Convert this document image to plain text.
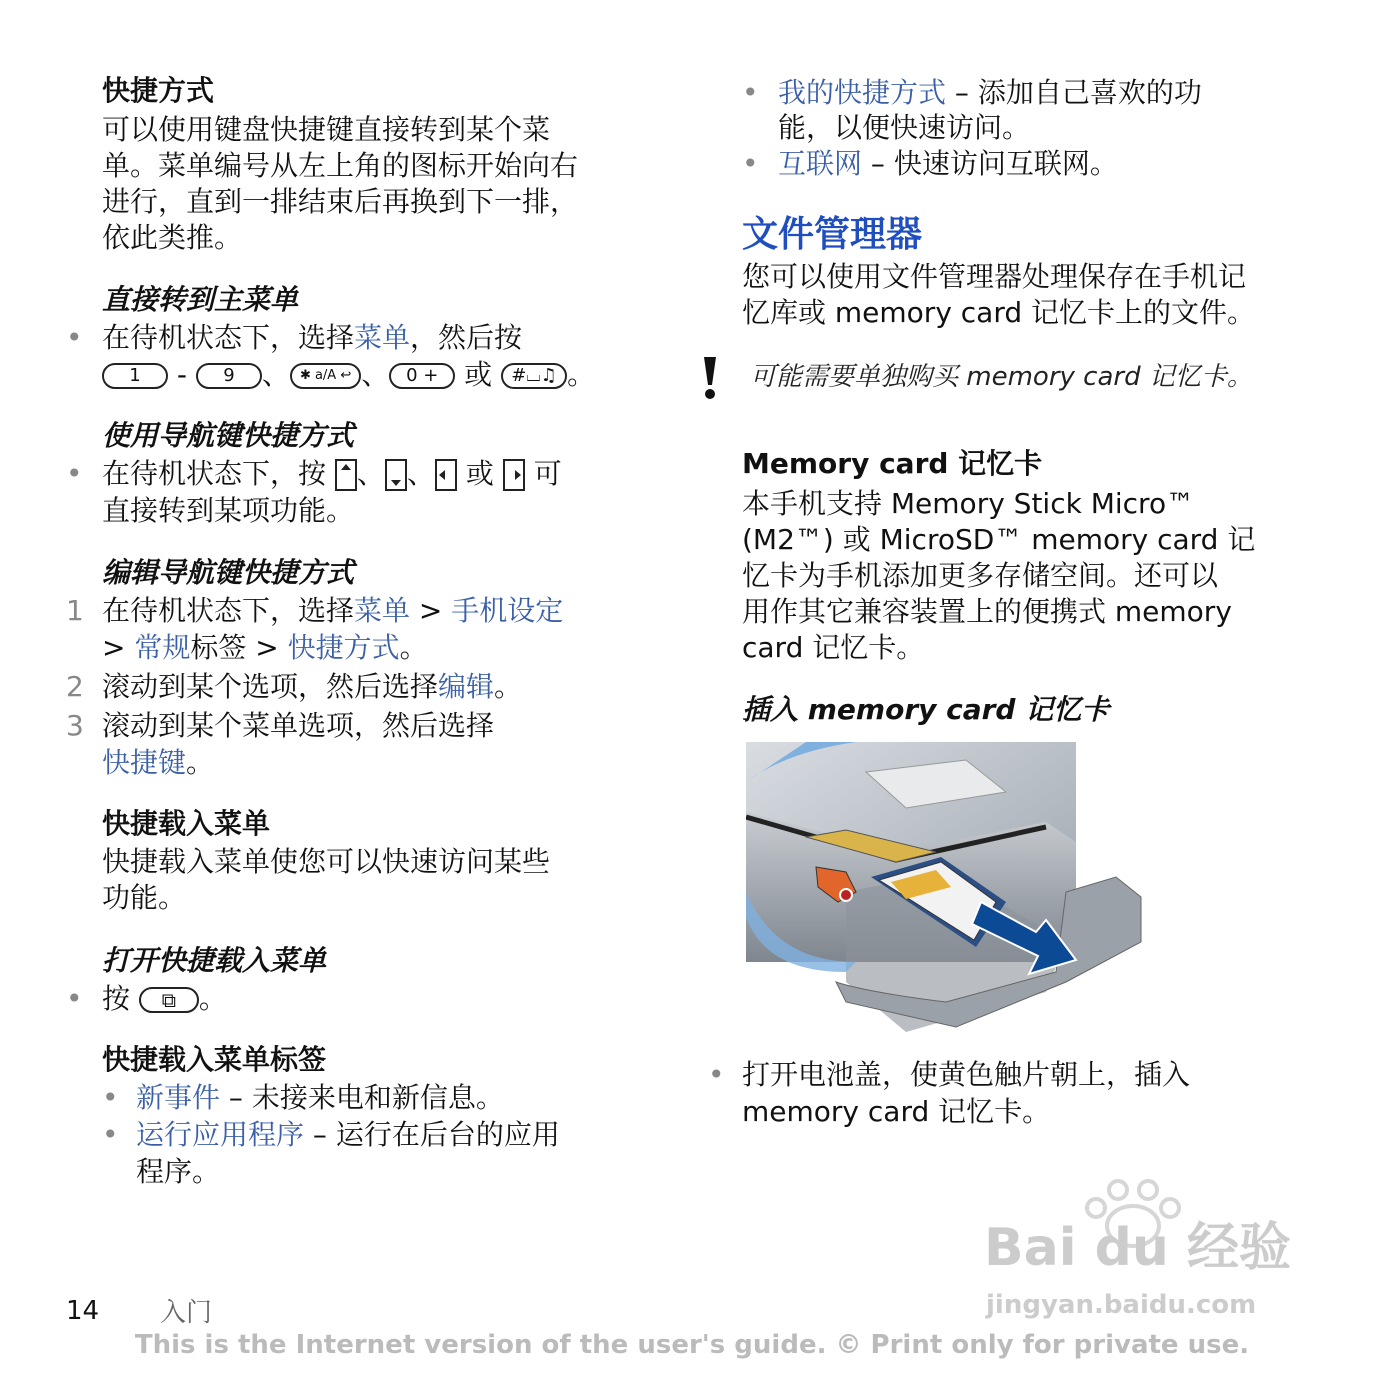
快捷方式
可以使用键盘快捷键直接转到某个菜
单。菜单编号从左上角的图标开始向右
进行，直到一排结束后再换到下一排，
依此类推。
直接转到主菜单
• 在待机状态下，选择菜单，然后按
1 - 9 、 ✱ a/A ↩ 、 0 + 或 #⌴♫ 。
使用导航键快捷方式
• 在待机状态下，按 、 、 或 可
直接转到某项功能。
编辑导航键快捷方式
1 在待机状态下，选择菜单 > 手机设定
> 常规标签 > 快捷方式。
2 滚动到某个选项，然后选择编辑。
3 滚动到某个菜单选项，然后选择
快捷键。
快捷载入菜单
快捷载入菜单使您可以快速访问某些
功能。
打开快捷载入菜单
• 按 ⧉ 。
快捷载入菜单标签
• 新事件 – 未接来电和新信息。
• 运行应用程序 – 运行在后台的应用
程序。
• 我的快捷方式 – 添加自己喜欢的功
能，以便快速访问。
• 互联网 – 快速访问互联网。
文件管理器
您可以使用文件管理器处理保存在手机记
忆库或 memory card 记忆卡上的文件。
可能需要单独购买 memory card 记忆卡。
Memory card 记忆卡
本手机支持 Memory Stick Micro™
(M2™) 或 MicroSD™ memory card 记
忆卡为手机添加更多存储空间。还可以
用作其它兼容装置上的便携式 memory
card 记忆卡。
插入 memory card 记忆卡
• 打开电池盖，使黄色触片朝上，插入
memory card 记忆卡。
Bai du 经验
jingyan.baidu.com
14 入门
This is the Internet version of the user's guide. © Print only for private use.
